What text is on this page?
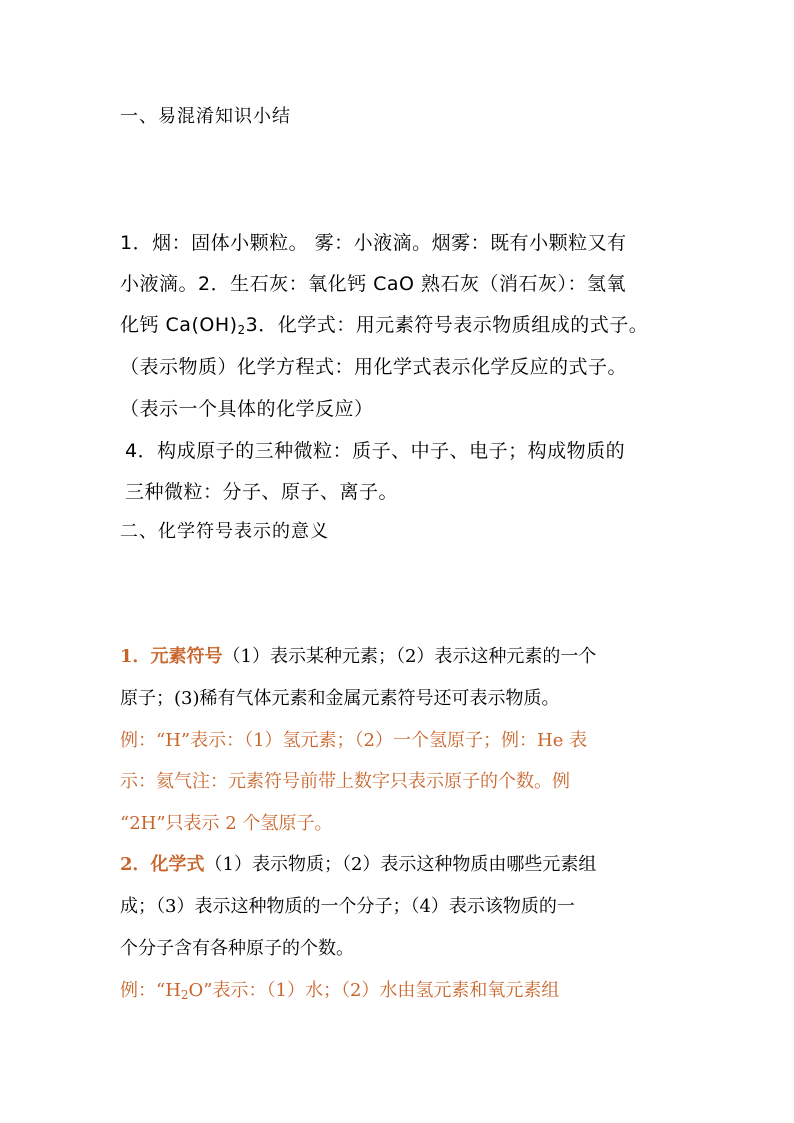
一、易混淆知识小结
1．烟：固体小颗粒。 雾：小液滴。烟雾：既有小颗粒又有
小液滴。2．生石灰：氧化钙 CaO 熟石灰（消石灰）：氢氧
化钙 $Ca(OH)_23$．化学式：用元素符号表示物质组成的式子。
（表示物质）化学方程式：用化学式表示化学反应的式子。
（表示一个具体的化学反应）
4．构成原子的三种微粒：质子、中子、电子；构成物质的
三种微粒：分子、原子、离子。
二、化学符号表示的意义
1．元素符号（1）表示某种元素；（2）表示这种元素的一个
原子；(3)稀有气体元素和金属元素符号还可表示物质。
例：“H”表示：（1）氢元素；（2）一个氢原子；例：He 表
示：氦气注：元素符号前带上数字只表示原子的个数。例
“2H”只表示 2 个氢原子。
2．化学式（1）表示物质；（2）表示这种物质由哪些元素组
成；（3）表示这种物质的一个分子；（4）表示该物质的一
个分子含有各种原子的个数。
例：“$H_2O$”表示：（1）水；（2）水由氢元素和氧元素组
